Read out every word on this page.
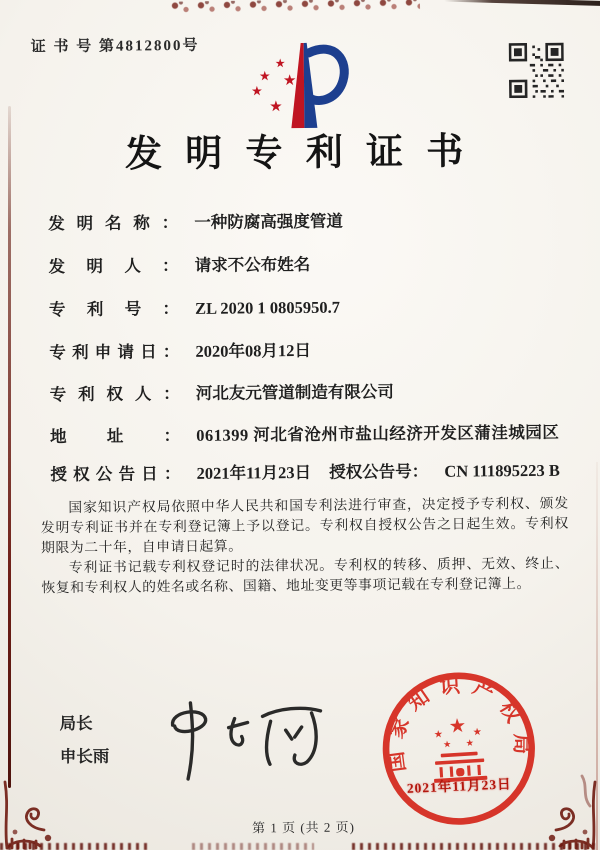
证 书 号 第4812800号
★
★ ★
★
★
发 明 专 利 证 书
发明名称： 一种防腐高强度管道
发明人： 请求不公布姓名
专利号： ZL 2020 1 0805950.7
专利申请日： 2020年08月12日
专利权人： 河北友元管道制造有限公司
地址： 061399 河北省沧州市盐山经济开发区蒲洼城园区
授权公告日： 2021年11月23日 授权公告号： CN 111895223 B

国家知识产权局依照中华人民共和国专利法进行审查，决定授予专利权、颁发发明专利证书并在专利登记簿上予以登记。专利权自授权公告之日起生效。专利权期限为二十年，自申请日起算。

专利证书记载专利权登记时的法律状况。专利权的转移、质押、无效、终止、恢复和专利权人的姓名或名称、国籍、地址变更等事项记载在专利登记簿上。

局长
申长雨	国家知识产权局
★
★	★
★ ★
2021年11月23日
第 1 页 (共 2 页)
